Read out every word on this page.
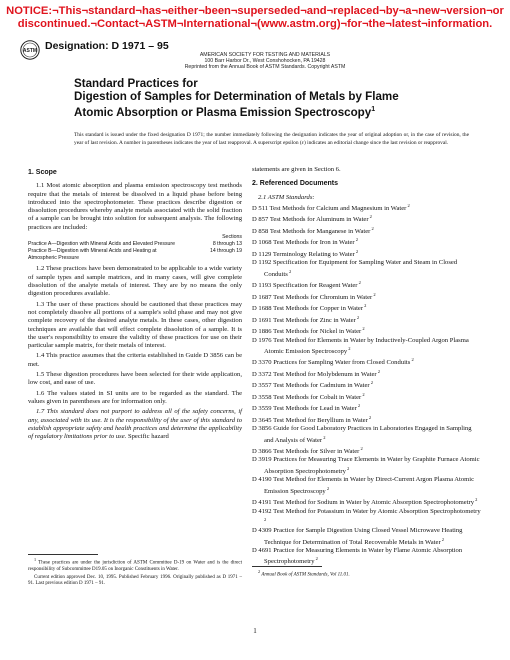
NOTICE:¬This¬standard¬has¬either¬been¬superseded¬and¬replaced¬by¬a¬new¬version¬or
discontinued.¬Contact¬ASTM¬International¬(www.astm.org)¬for¬the¬latest¬information.
ASTM Designation: D 1971 – 95
AMERICAN SOCIETY FOR TESTING AND MATERIALS
100 Barr Harbor Dr., West Conshohocken, PA 19428
Reprinted from the Annual Book of ASTM Standards. Copyright ASTM
Standard Practices for
Digestion of Samples for Determination of Metals by Flame
Atomic Absorption or Plasma Emission Spectroscopy$^1$
This standard is issued under the fixed designation D 1971; the number immediately following the designation indicates the year of original adoption or, in the case of revision, the year of last revision. A number in parentheses indicates the year of last reapproval. A superscript epsilon (ε) indicates an editorial change since the last revision or reapproval.
1. Scope

1.1 Most atomic absorption and plasma emission spectroscopy test methods require that the metals of interest be dissolved in a liquid phase before being introduced into the spectrophotometer. These practices describe digestion or dissolution procedures whereby analyte metals associated with the solid fraction of a sample can be brought into solution for subsequent analysis. The following practices are included:

Sections
Practice A—Digestion with Mineral Acids and Elevated Pressure	8 through 13
Practice B—Digestion with Mineral Acids and Heating at Atmospheric Pressure
14 through 19

1.2 These practices have been demonstrated to be applicable to a wide variety of sample types and sample matrices, and in many cases, will give complete dissolution of the analyte metals of interest. They are by no means the only digestion procedures available.

1.3 The user of these practices should be cautioned that these practices may not completely dissolve all portions of a sample's solid phase and may not give complete recovery of the desired analyte metals. In these cases, other digestion techniques are available that will effect complete dissolution of a sample. It is the user's responsibility to ensure the validity of these practices for use on their particular sample matrix, for their metals of interest.

1.4 This practice assumes that the criteria established in Guide D 3856 can be met.

1.5 These digestion procedures have been selected for their wide application, low cost, and ease of use.

1.6 The values stated in SI units are to be regarded as the standard. The values given in parentheses are for information only.

1.7 This standard does not purport to address all of the safety concerns, if any, associated with its use. It is the responsibility of the user of this standard to establish appropriate safety and health practices and determine the applicability of regulatory limitations prior to use. Specific hazard

$^1$ These practices are under the jurisdiction of ASTM Committee D-19 on Water and is the direct responsibility of Subcommittee D19.05 on Inorganic Constituents in Water.

Current edition approved Dec. 10, 1995. Published February 1996. Originally published as D 1971 – 91. Last previous edition D 1971 – 91.

statements are given in Section 6.

2. Referenced Documents

2.1 ASTM Standards:

D 511 Test Methods for Calcium and Magnesium in Water $^2$

D 857 Test Methods for Aluminum in Water $^2$

D 858 Test Methods for Manganese in Water $^2$

D 1068 Test Methods for Iron in Water $^2$

D 1129 Terminology Relating to Water $^2$

D 1192 Specification for Equipment for Sampling Water and Steam in Closed Conduits $^2$

D 1193 Specification for Reagent Water $^2$

D 1687 Test Methods for Chromium in Water $^2$

D 1688 Test Methods for Copper in Water $^2$

D 1691 Test Methods for Zinc in Water $^2$

D 1886 Test Methods for Nickel in Water $^2$

D 1976 Test Method for Elements in Water by Inductively-Coupled Argon Plasma Atomic Emission Spectroscopy $^2$

D 3370 Practices for Sampling Water from Closed Conduits $^2$

D 3372 Test Method for Molybdenum in Water $^2$

D 3557 Test Methods for Cadmium in Water $^2$

D 3558 Test Methods for Cobalt in Water $^2$

D 3559 Test Methods for Lead in Water $^2$

D 3645 Test Method for Beryllium in Water $^2$

D 3856 Guide for Good Laboratory Practices in Laboratories Engaged in Sampling and Analysis of Water $^2$

D 3866 Test Methods for Silver in Water $^2$

D 3919 Practices for Measuring Trace Elements in Water by Graphite Furnace Atomic Absorption Spectrophotometry $^2$

D 4190 Test Method for Elements in Water by Direct-Current Argon Plasma Atomic Emission Spectroscopy $^2$

D 4191 Test Method for Sodium in Water by Atomic Absorption Spectrophotometry $^2$

D 4192 Test Method for Potassium in Water by Atomic Absorption Spectrophotometry $^2$

D 4309 Practice for Sample Digestion Using Closed Vessel Microwave Heating Technique for Determination of Total Recoverable Metals in Water $^2$

D 4691 Practice for Measuring Elements in Water by Flame Atomic Absorption Spectrophotometry $^2$

$^2$ Annual Book of ASTM Standards, Vol 11.01.
1
